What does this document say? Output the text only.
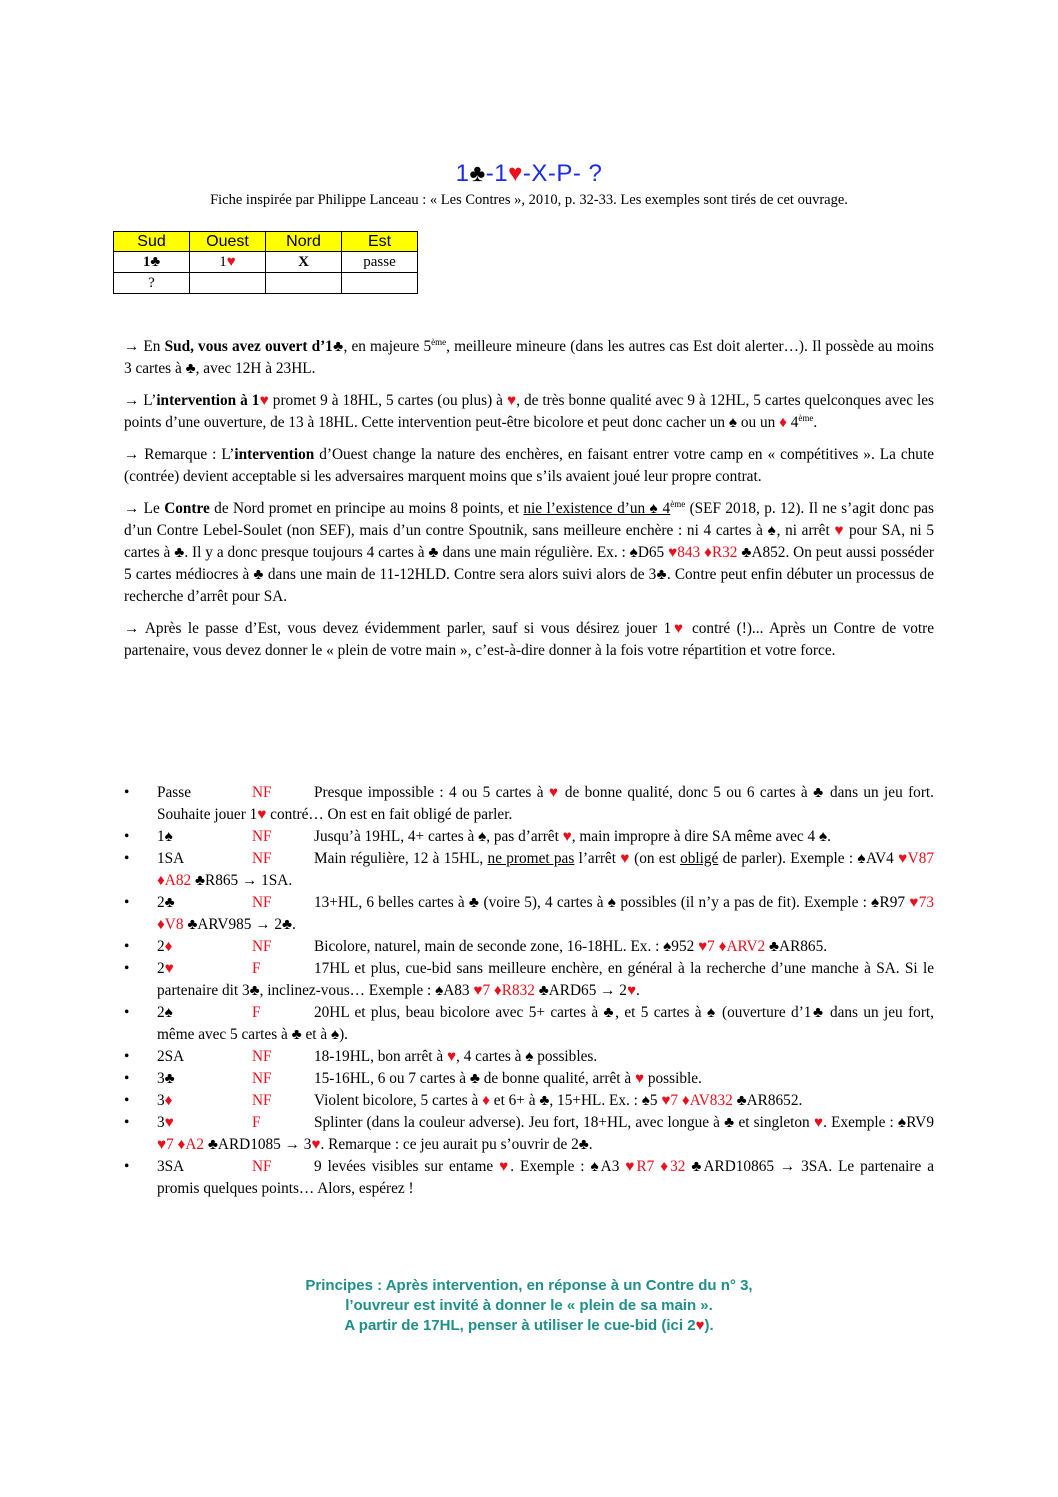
1♣-1♥-X-P- ?
Fiche inspirée par Philippe Lanceau : « Les Contres », 2010, p. 32-33. Les exemples sont tirés de cet ouvrage.
Sud	Ouest	Nord	Est
1♣	1♥	X	passe
?			

→ En Sud, vous avez ouvert d’1♣, en majeure 5ème, meilleure mineure (dans les autres cas Est doit alerter…). Il possède au moins 3 cartes à ♣, avec 12H à 23HL.

→ L’intervention à 1♥ promet 9 à 18HL, 5 cartes (ou plus) à ♥, de très bonne qualité avec 9 à 12HL, 5 cartes quelconques avec les points d’une ouverture, de 13 à 18HL. Cette intervention peut-être bicolore et peut donc cacher un ♠ ou un ♦ 4ème.

→ Remarque : L’intervention d’Ouest change la nature des enchères, en faisant entrer votre camp en « compétitives ». La chute (contrée) devient acceptable si les adversaires marquent moins que s’ils avaient joué leur propre contrat.

→ Le Contre de Nord promet en principe au moins 8 points, et nie l’existence d’un ♠ 4ème (SEF 2018, p. 12). Il ne s’agit donc pas d’un Contre Lebel-Soulet (non SEF), mais d’un contre Spoutnik, sans meilleure enchère : ni 4 cartes à ♠, ni arrêt ♥ pour SA, ni 5 cartes à ♣. Il y a donc presque toujours 4 cartes à ♣ dans une main régulière. Ex. : ♠D65 ♥843 ♦R32 ♣A852. On peut aussi posséder 5 cartes médiocres à ♣ dans une main de 11-12HLD. Contre sera alors suivi alors de 3♣. Contre peut enfin débuter un processus de recherche d’arrêt pour SA.

→ Après le passe d’Est, vous devez évidemment parler, sauf si vous désirez jouer 1♥ contré (!)... Après un Contre de votre partenaire, vous devez donner le « plein de votre main », c’est-à-dire donner à la fois votre répartition et votre force.

• Passe	NF	Presque impossible : 4 ou 5 cartes à ♥ de bonne qualité, donc 5 ou 6 cartes à ♣ dans un jeu fort. Souhaite jouer 1♥ contré… On est en fait obligé de parler.
• 1♠	NF	Jusqu’à 19HL, 4+ cartes à ♠, pas d’arrêt ♥, main impropre à dire SA même avec 4 ♠.
• 1SA	NF	Main régulière, 12 à 15HL, ne promet pas l’arrêt ♥ (on est obligé de parler). Exemple : ♠AV4 ♥V87 ♦A82 ♣R865 → 1SA.
• 2♣	NF	13+HL, 6 belles cartes à ♣ (voire 5), 4 cartes à ♠ possibles (il n’y a pas de fit). Exemple : ♠R97 ♥73 ♦V8 ♣ARV985 → 2♣.
• 2♦	NF	Bicolore, naturel, main de seconde zone, 16-18HL. Ex. : ♠952 ♥7 ♦ARV2 ♣AR865.
• 2♥	F	17HL et plus, cue-bid sans meilleure enchère, en général à la recherche d’une manche à SA. Si le partenaire dit 3♣, inclinez-vous… Exemple : ♠A83 ♥7 ♦R832 ♣ARD65 → 2♥.
• 2♠	F	20HL et plus, beau bicolore avec 5+ cartes à ♣, et 5 cartes à ♠ (ouverture d’1♣ dans un jeu fort, même avec 5 cartes à ♣ et à ♠).
• 2SA	NF	18-19HL, bon arrêt à ♥, 4 cartes à ♠ possibles.
• 3♣	NF	15-16HL, 6 ou 7 cartes à ♣ de bonne qualité, arrêt à ♥ possible.
• 3♦	NF	Violent bicolore, 5 cartes à ♦ et 6+ à ♣, 15+HL. Ex. : ♠5 ♥7 ♦AV832 ♣AR8652.
• 3♥	F	Splinter (dans la couleur adverse). Jeu fort, 18+HL, avec longue à ♣ et singleton ♥. Exemple : ♠RV9 ♥7 ♦A2 ♣ARD1085 → 3♥. Remarque : ce jeu aurait pu s’ouvrir de 2♣.
• 3SA	NF	9 levées visibles sur entame ♥. Exemple : ♠A3 ♥R7 ♦32 ♣ARD10865 → 3SA. Le partenaire a promis quelques points… Alors, espérez !
Principes : Après intervention, en réponse à un Contre du n° 3,
l’ouvreur est invité à donner le « plein de sa main ».
A partir de 17HL, penser à utiliser le cue-bid (ici 2♥).
